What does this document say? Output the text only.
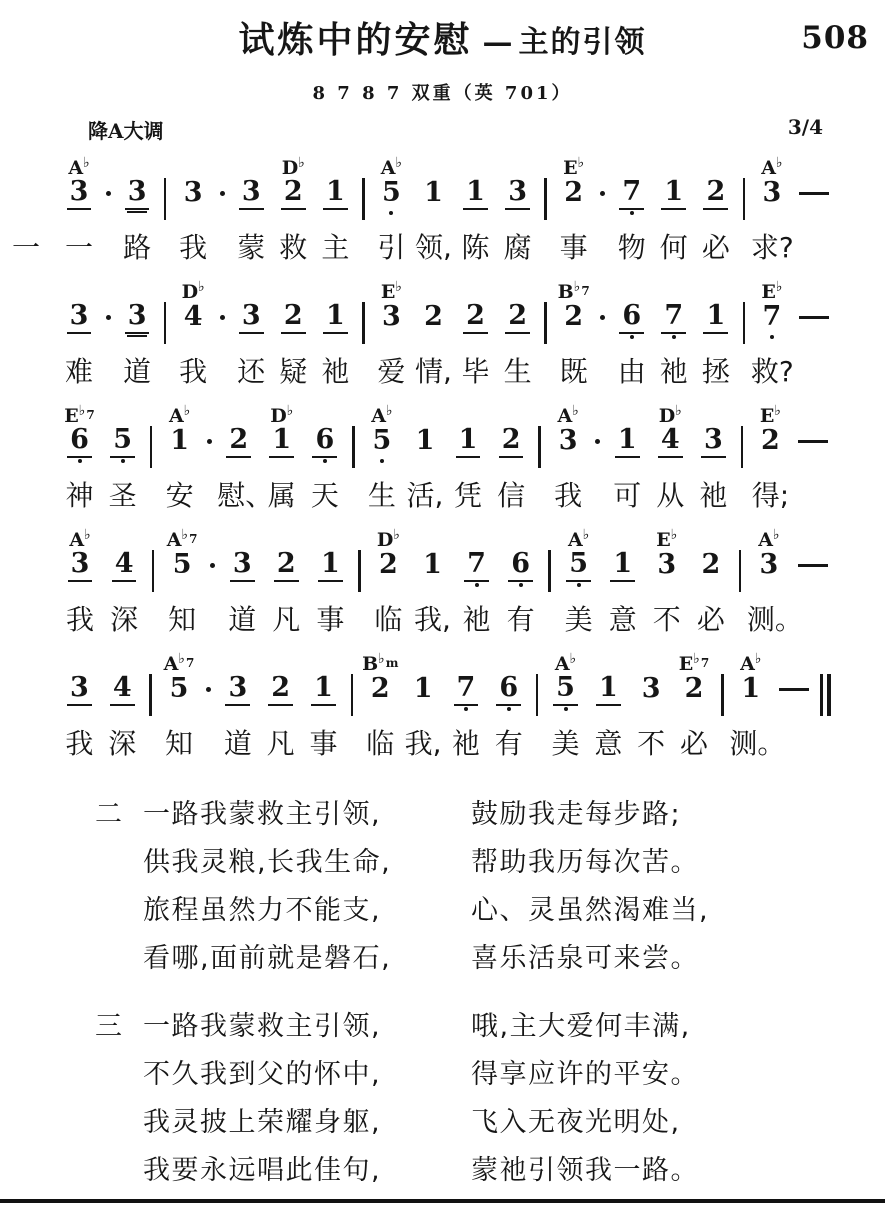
508
试炼中的安慰 — 主的引领
8 7 8 7 双重（英 701）
降A大调	3/4
A ♭
3 3 3 3
D ♭
2 1
A ♭
5 1 1 3
E ♭
2 7 1 2
A ♭
3
一 一 路 我 蒙 救 主 引 领, 陈 腐 事 物 何 必 求?
3 3
D ♭
4 3 2 1
E ♭
3 2 2 2
B ♭ 7
2 6 7 1
E ♭
7
难 道 我 还 疑 祂 爱 情, 毕 生 既 由 祂 拯 救?
E ♭ 7
6 5
A ♭
1 2
D ♭
1 6
A ♭
5 1 1 2
A ♭
3 1
D ♭
4 3
E ♭
2
神 圣 安 慰、
属 天 生 活, 凭 信 我 可 从 祂 得;
A ♭
3 4
A ♭ 7
5 3 2 1
D ♭
2 1 7 6
A ♭
5 1
E ♭
3 2
A ♭
3
我 深 知 道 凡 事 临 我, 祂 有 美 意 不 必 测。
3 4
A ♭ 7
5 3 2 1
B ♭ m
2 1 7 6
A ♭
5 1 3
E ♭ 7
2
A ♭
1
我 深 知 道 凡 事 临 我, 祂 有 美 意 不 必 测。
二 一路我蒙救主引领,	鼓励我走每步路;
供我灵粮,长我生命,	帮助我历每次苦。
旅程虽然力不能支,	心、灵虽然渴难当,
看哪,面前就是磐石,	喜乐活泉可来尝。
三 一路我蒙救主引领,	哦,主大爱何丰满,
不久我到父的怀中,	得享应许的平安。
我灵披上荣耀身躯,	飞入无夜光明处,
我要永远唱此佳句,	蒙祂引领我一路。
